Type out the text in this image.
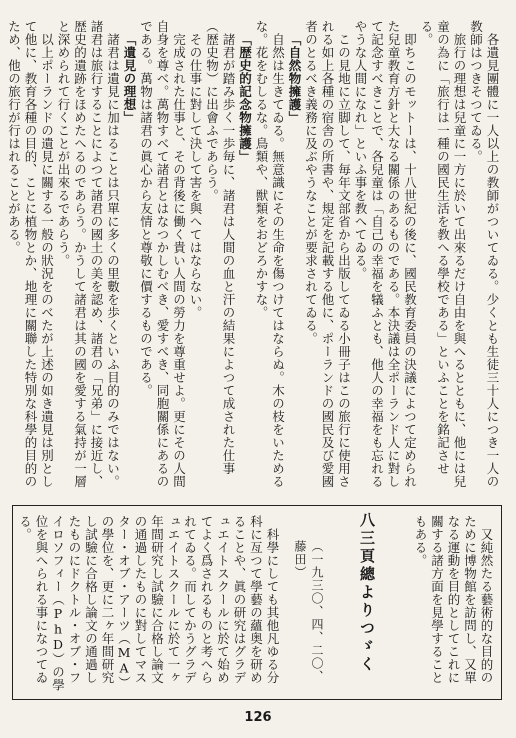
各遺見團體に一人以上の教師がついてゐる。少くとも生徒三十人につき一人の教師はつきそつてゐる。

旅行の理想は兒童に一方に於いて出來るだけ自由を與へるとともに、他には兒童の為に「旅行は一種の國民生活を教へる學校である」といふことを銘記させる。

即ちこのモットーは、十八世紀の後に、國民教育委員の決議によつて定められた兒童教育方針と大なる關係のあるものである。本決議は全ポーランド人に對して記念すべきことで、各兒童は「自己の幸福を犠ふとも、他人の幸福をも忘れるやうな人間になれ」といふ事を教へてゐる。

この見地に立脚して、毎年文部省から出版してゐる小冊子はこの旅行に使用される如上各種の宿舎の所書や、規定を記載する他に、ポーランドの國民及び愛國者のとるべき義務に及ぶやうなことが要求されてゐる。

「自然物擁護」

自然は生きてゐる。無意識にその生命を傷つけてはならぬ。木の枝をいためるな。花をむしるな。鳥類や、獣類をおどろかすな。

「歴史的記念物擁護」

諸君が踏み歩く一歩毎に、諸君は人間の血と汗の結果によつて成された仕事（歴史物）に出會ふであらう。

その仕事に對して決して害を與へてはならない。

完成された仕事と、その背後に働く貴い人間の勞力を尊重せよ。更にその人間自身を尊べ。萬物すべて諸君とはなつかしむべき、愛すべき、同胞關係にあるのである。萬物は諸君の眞心から友情と尊敬に價するものである。

「遺見の理想」

諸君は遺見に加はることは只單に多くの里數を歩くといふ目的のみではない。諸君は旅行することによつて諸君の國土の美を認め、諸君の「兄弟」に接近し、歴史的遺跡をほめたへるのであらう。かうして諸君は其の國を愛する氣持が一層と深められて行くことが出來るであらう。

以上ポーランドの遺見に關する一般の狀況をのべたが上述の如き遺見は別として他に、教育各種の目的、ことに植物とか、地理に關聯した特別な科學的目的のため、他の旅行が行はれることがある。

又純然たる藝術的な目的のために博物館を訪問し、又單なる運動を目的としてこれに關する諸方面を見學することもある。

（一九三〇、四、二〇、藤田）	八三頁總よりつゞく

科學にしても其他凡ゆる分科に亙つて學藝の蘊奥を研めることや、眞の研究はグラデュエイトスクールに於て始めてよく爲されるものと考へられてゐる。而してかうグラデュエイトスクールに於て一ヶ年間研究し試驗に合格し論文の通過したものに對してマスター・オブ・アーツ（MA）の學位を、更に二ヶ年間研究し試驗に合格し論文の通過したものにドクトル・オブ・フイロソフィー（PhD）の學位を與へられる事になつてゐる。

126
